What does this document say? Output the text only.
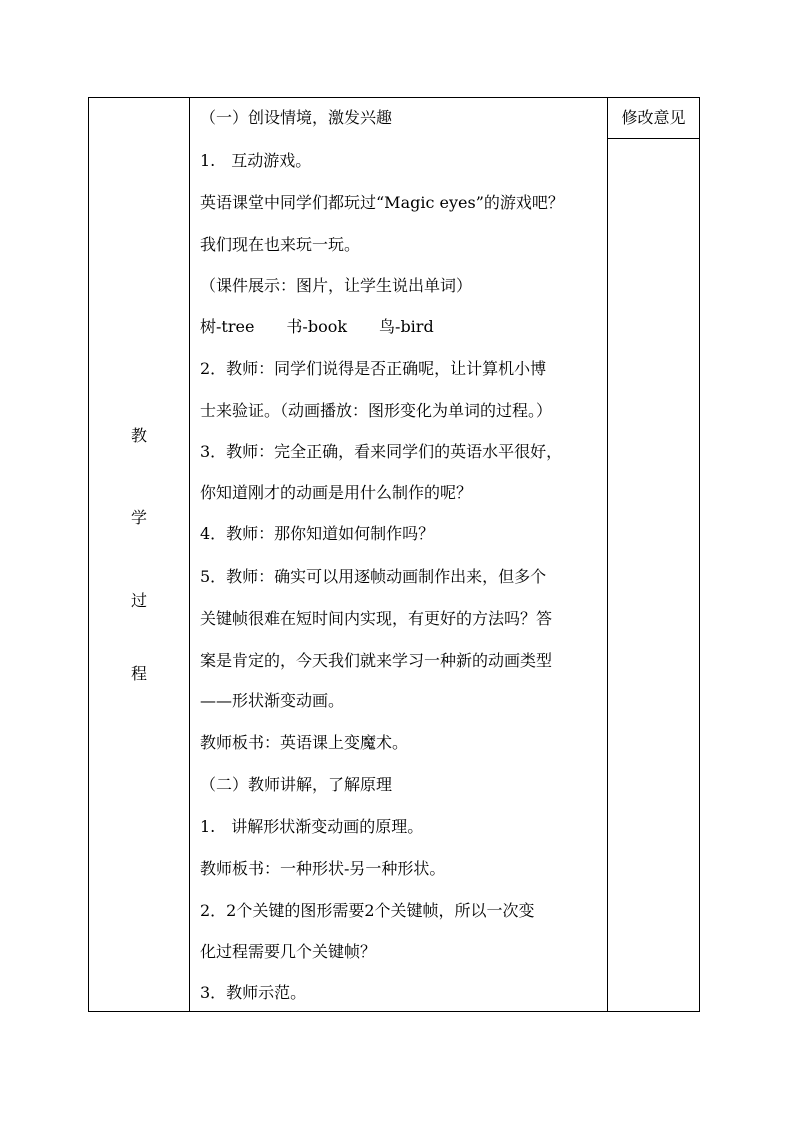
教
学
过
程
（一）创设情境，激发兴趣
1.　互动游戏。
英语课堂中同学们都玩过“Magic eyes”的游戏吧？
我们现在也来玩一玩。
（课件展示：图片，让学生说出单词）
树-tree　　书-book　　鸟-bird
2．教师：同学们说得是否正确呢，让计算机小博
士来验证。（动画播放：图形变化为单词的过程。）
3．教师：完全正确，看来同学们的英语水平很好，
你知道刚才的动画是用什么制作的呢？
4．教师：那你知道如何制作吗？
5．教师：确实可以用逐帧动画制作出来，但多个
关键帧很难在短时间内实现，有更好的方法吗？答
案是肯定的，今天我们就来学习一种新的动画类型
——形状渐变动画。
教师板书：英语课上变魔术。
（二）教师讲解，了解原理
1.　讲解形状渐变动画的原理。
教师板书：一种形状-另一种形状。
2．2个关键的图形需要2个关键帧，所以一次变
化过程需要几个关键帧？
3．教师示范。
修改意见
